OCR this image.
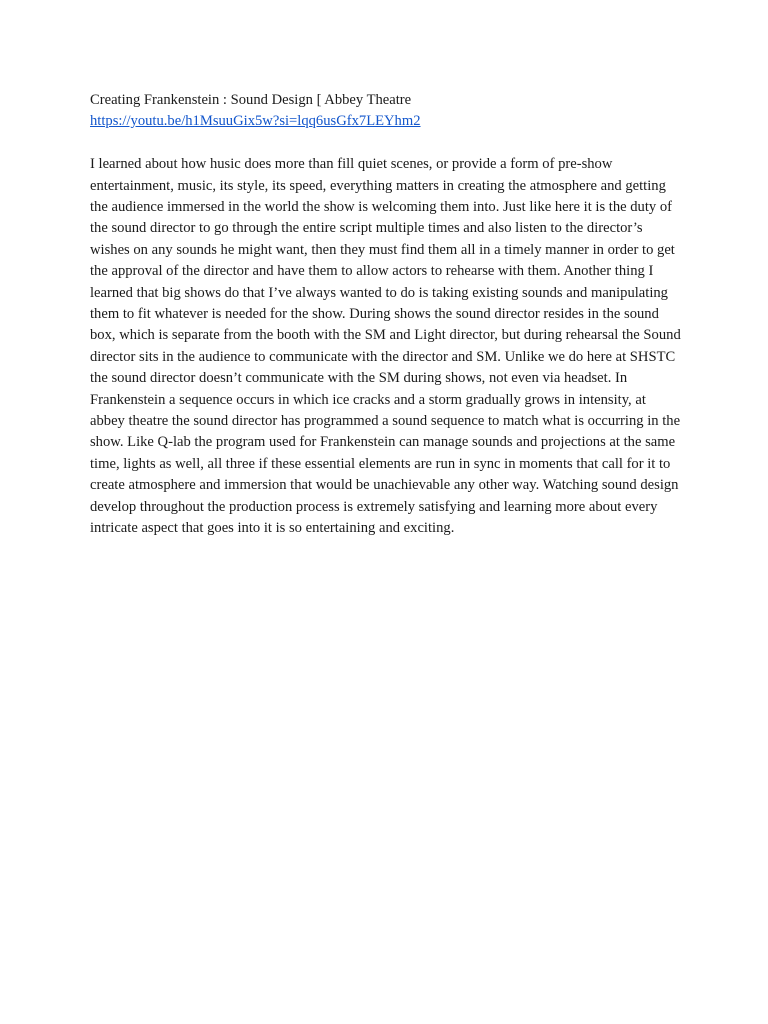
Creating Frankenstein : Sound Design [ Abbey Theatre

https://youtu.be/h1MsuuGix5w?si=lqq6usGfx7LEYhm2

I learned about how husic does more than fill quiet scenes, or provide a form of pre-show entertainment, music, its style, its speed, everything matters in creating the atmosphere and getting the audience immersed in the world the show is welcoming them into. Just like here it is the duty of the sound director to go through the entire script multiple times and also listen to the director’s wishes on any sounds he might want, then they must find them all in a timely manner in order to get the approval of the director and have them to allow actors to rehearse with them. Another thing I learned that big shows do that I’ve always wanted to do is taking existing sounds and manipulating them to fit whatever is needed for the show. During shows the sound director resides in the sound box, which is separate from the booth with the SM and Light director, but during rehearsal the Sound director sits in the audience to communicate with the director and SM. Unlike we do here at SHSTC the sound director doesn’t communicate with the SM during shows, not even via headset. In Frankenstein a sequence occurs in which ice cracks and a storm gradually grows in intensity, at abbey theatre the sound director has programmed a sound sequence to match what is occurring in the show. Like Q-lab the program used for Frankenstein can manage sounds and projections at the same time, lights as well, all three if these essential elements are run in sync in moments that call for it to create atmosphere and immersion that would be unachievable any other way. Watching sound design develop throughout the production process is extremely satisfying and learning more about every intricate aspect that goes into it is so entertaining and exciting.
